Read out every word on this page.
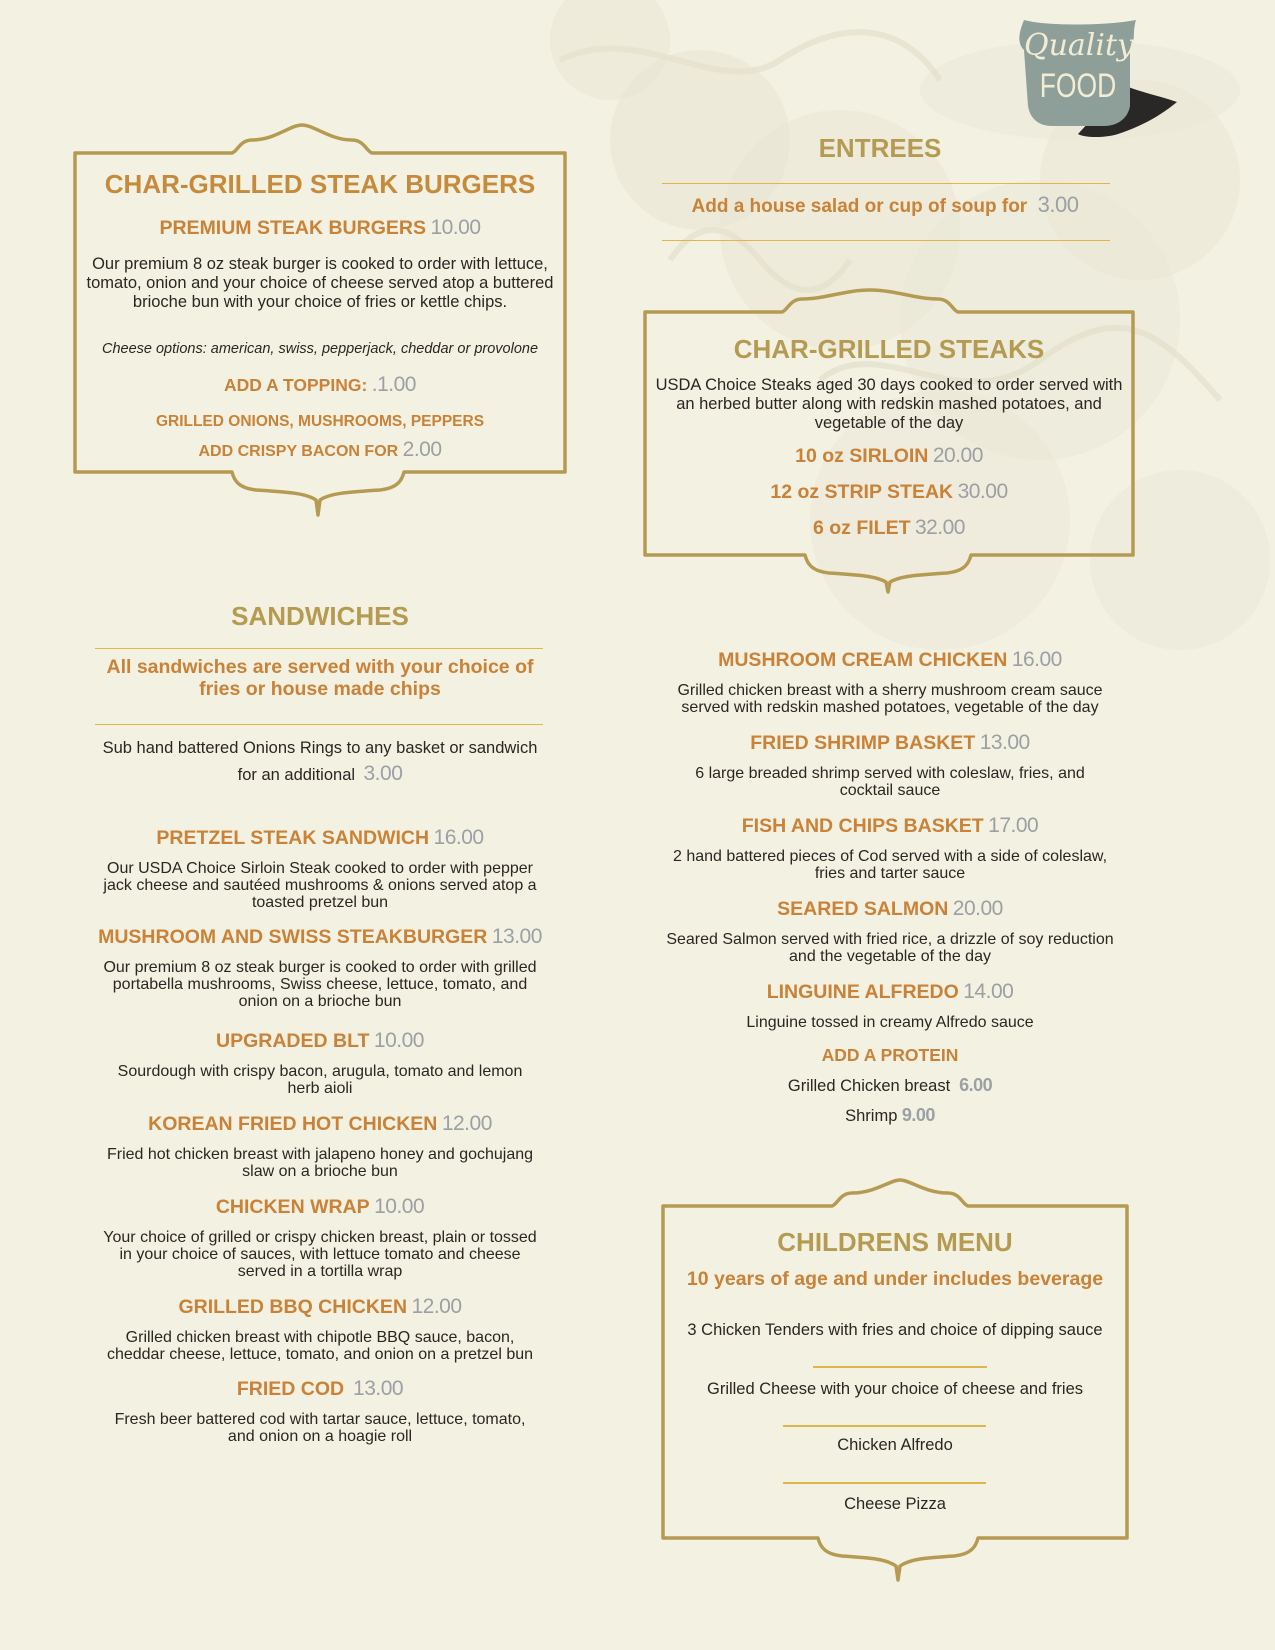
Quality
FOOD
CHAR-GRILLED STEAK BURGERS
PREMIUM STEAK BURGERS 10.00
Our premium 8 oz steak burger is cooked to order with lettuce, tomato, onion and your choice of cheese served atop a buttered brioche bun with your choice of fries or kettle chips.
Cheese options: american, swiss, pepperjack, cheddar or provolone
ADD A TOPPING: .1.00
GRILLED ONIONS, MUSHROOMS, PEPPERS
ADD CRISPY BACON FOR 2.00
ENTREES
Add a house salad or cup of soup for 3.00
CHAR-GRILLED STEAKS
USDA Choice Steaks aged 30 days cooked to order served with an herbed butter along with redskin mashed potatoes, and vegetable of the day
10 oz SIRLOIN 20.00
12 oz STRIP STEAK 30.00
6 oz FILET 32.00
SANDWICHES
All sandwiches are served with your choice of
fries or house made chips
Sub hand battered Onions Rings to any basket or sandwich
for an additional 3.00
PRETZEL STEAK SANDWICH 16.00
Our USDA Choice Sirloin Steak cooked to order with pepper
jack cheese and sautéed mushrooms & onions served atop a
toasted pretzel bun
MUSHROOM AND SWISS STEAKBURGER 13.00
Our premium 8 oz steak burger is cooked to order with grilled
portabella mushrooms, Swiss cheese, lettuce, tomato, and
onion on a brioche bun
UPGRADED BLT 10.00
Sourdough with crispy bacon, arugula, tomato and lemon
herb aioli
KOREAN FRIED HOT CHICKEN 12.00
Fried hot chicken breast with jalapeno honey and gochujang
slaw on a brioche bun
CHICKEN WRAP 10.00
Your choice of grilled or crispy chicken breast, plain or tossed
in your choice of sauces, with lettuce tomato and cheese
served in a tortilla wrap
GRILLED BBQ CHICKEN 12.00
Grilled chicken breast with chipotle BBQ sauce, bacon,
cheddar cheese, lettuce, tomato, and onion on a pretzel bun
FRIED COD 13.00
Fresh beer battered cod with tartar sauce, lettuce, tomato,
and onion on a hoagie roll
MUSHROOM CREAM CHICKEN 16.00
Grilled chicken breast with a sherry mushroom cream sauce
served with redskin mashed potatoes, vegetable of the day
FRIED SHRIMP BASKET 13.00
6 large breaded shrimp served with coleslaw, fries, and
cocktail sauce
FISH AND CHIPS BASKET 17.00
2 hand battered pieces of Cod served with a side of coleslaw,
fries and tarter sauce
SEARED SALMON 20.00
Seared Salmon served with fried rice, a drizzle of soy reduction
and the vegetable of the day
LINGUINE ALFREDO 14.00
Linguine tossed in creamy Alfredo sauce
ADD A PROTEIN
Grilled Chicken breast 6.00
Shrimp 9.00
CHILDRENS MENU
10 years of age and under includes beverage
3 Chicken Tenders with fries and choice of dipping sauce
Grilled Cheese with your choice of cheese and fries
Chicken Alfredo
Cheese Pizza
